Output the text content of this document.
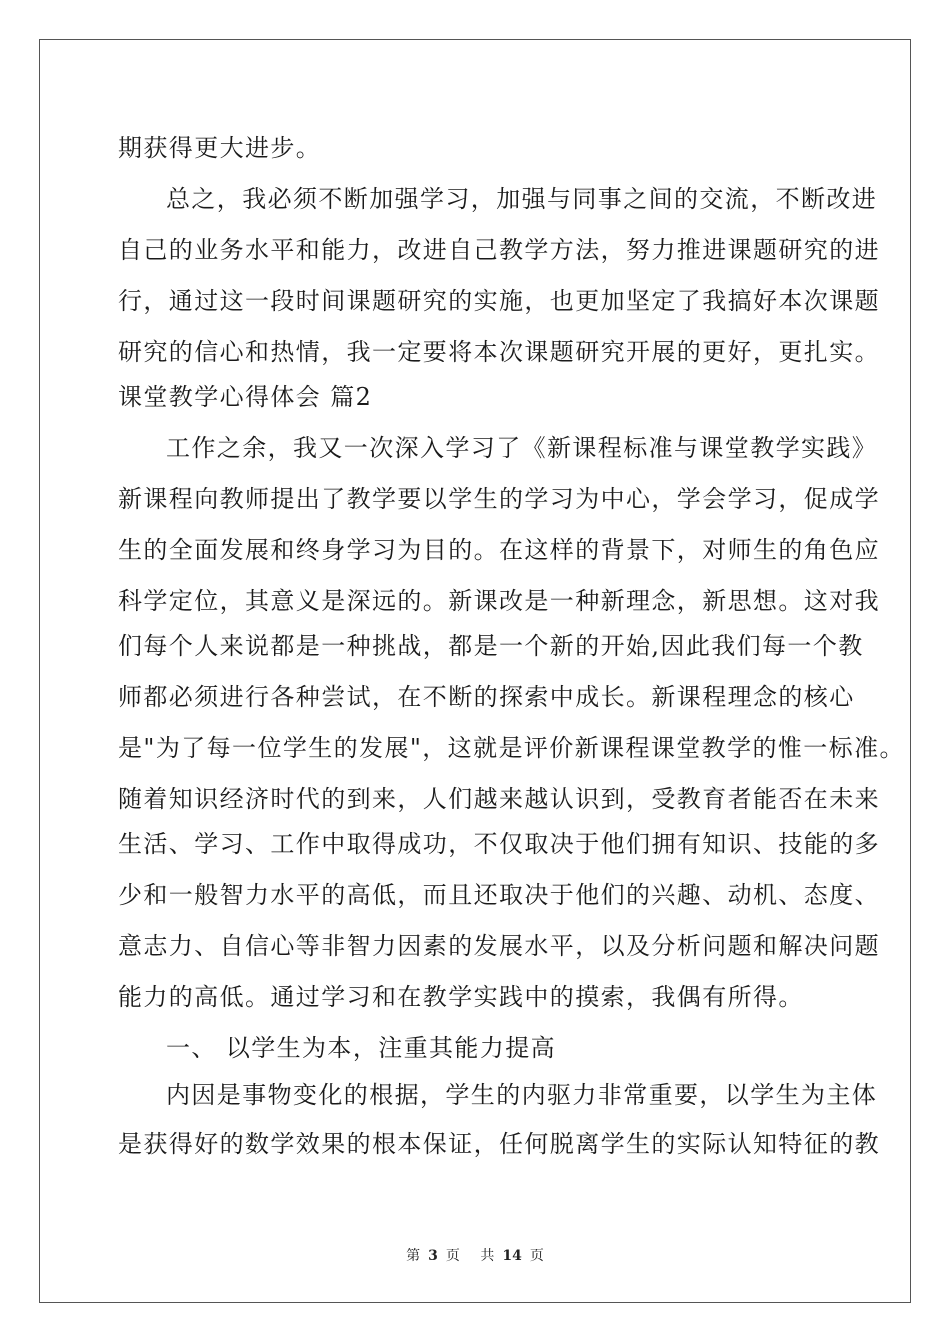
期获得更大进步。
总之，我必须不断加强学习，加强与同事之间的交流，不断改进
自己的业务水平和能力，改进自己教学方法，努力推进课题研究的进
行，通过这一段时间课题研究的实施，也更加坚定了我搞好本次课题
研究的信心和热情，我一定要将本次课题研究开展的更好，更扎实。
课堂教学心得体会 篇2
工作之余，我又一次深入学习了《新课程标准与课堂教学实践》
新课程向教师提出了教学要以学生的学习为中心，学会学习，促成学
生的全面发展和终身学习为目的。在这样的背景下，对师生的角色应
科学定位，其意义是深远的。新课改是一种新理念，新思想。这对我
们每个人来说都是一种挑战，都是一个新的开始,因此我们每一个教
师都必须进行各种尝试，在不断的探索中成长。新课程理念的核心
是"为了每一位学生的发展"，这就是评价新课程课堂教学的惟一标准。
随着知识经济时代的到来，人们越来越认识到，受教育者能否在未来
生活、学习、工作中取得成功，不仅取决于他们拥有知识、技能的多
少和一般智力水平的高低，而且还取决于他们的兴趣、动机、态度、
意志力、自信心等非智力因素的发展水平，以及分析问题和解决问题
能力的高低。通过学习和在教学实践中的摸索，我偶有所得。
一、 以学生为本，注重其能力提高
内因是事物变化的根据，学生的内驱力非常重要，以学生为主体
是获得好的数学效果的根本保证，任何脱离学生的实际认知特征的教
第 3 页 共 14 页
